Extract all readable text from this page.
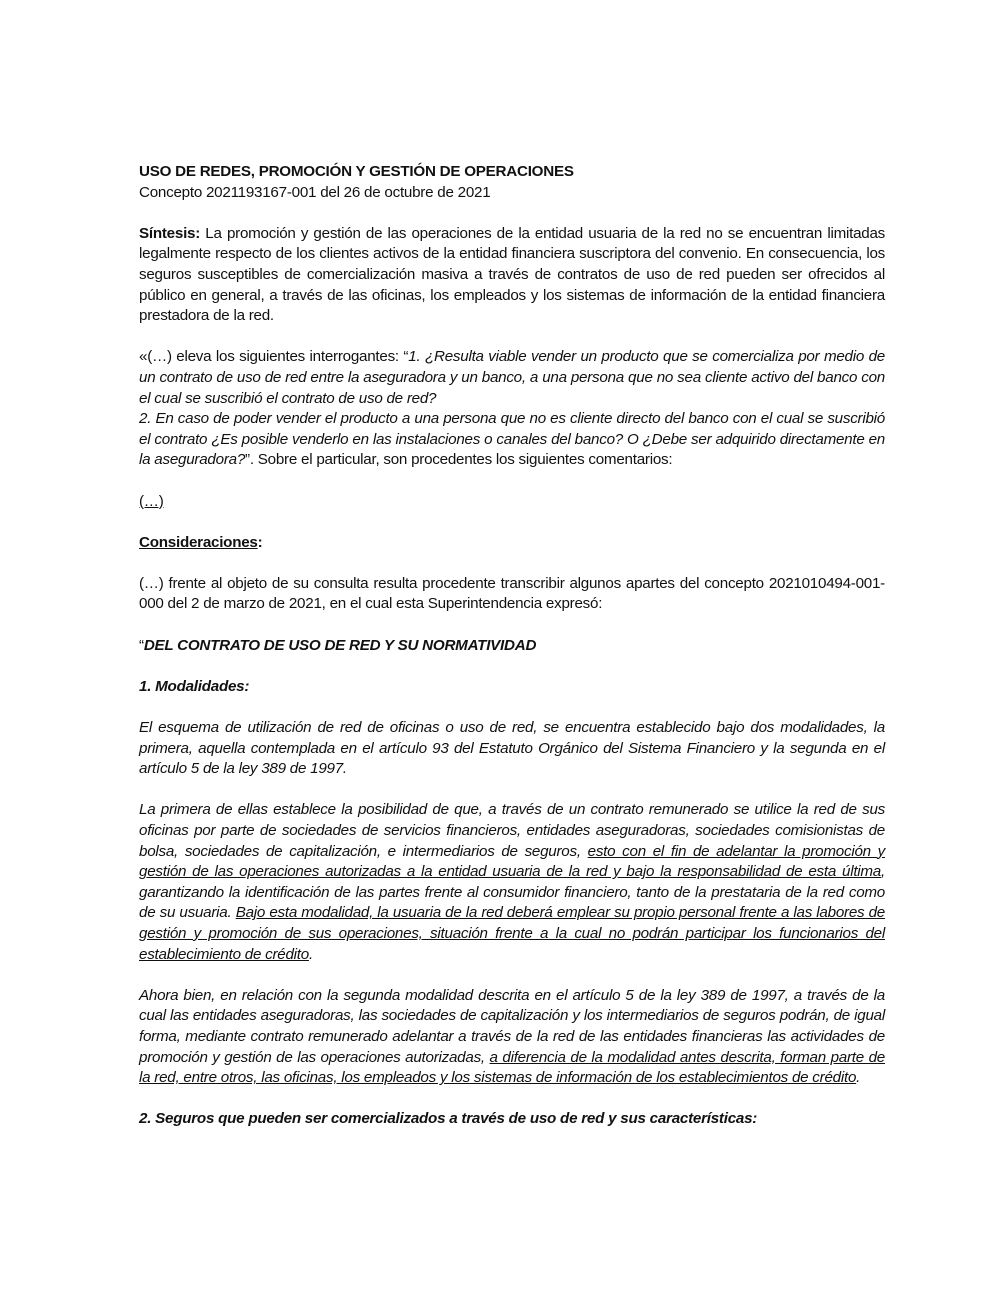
USO DE REDES, PROMOCIÓN Y GESTIÓN DE OPERACIONES

Concepto 2021193167-001 del 26 de octubre de 2021

Síntesis: La promoción y gestión de las operaciones de la entidad usuaria de la red no se encuentran limitadas legalmente respecto de los clientes activos de la entidad financiera suscriptora del convenio. En consecuencia, los seguros susceptibles de comercialización masiva a través de contratos de uso de red pueden ser ofrecidos al público en general, a través de las oficinas, los empleados y los sistemas de información de la entidad financiera prestadora de la red.

«(…) eleva los siguientes interrogantes: “1. ¿Resulta viable vender un producto que se comercializa por medio de un contrato de uso de red entre la aseguradora y un banco, a una persona que no sea cliente activo del banco con el cual se suscribió el contrato de uso de red?

2. En caso de poder vender el producto a una persona que no es cliente directo del banco con el cual se suscribió el contrato ¿Es posible venderlo en las instalaciones o canales del banco? O ¿Debe ser adquirido directamente en la aseguradora?”. Sobre el particular, son procedentes los siguientes comentarios:

(…)

Consideraciones:

(…) frente al objeto de su consulta resulta procedente transcribir algunos apartes del concepto 2021010494-001-000 del 2 de marzo de 2021, en el cual esta Superintendencia expresó:

“DEL CONTRATO DE USO DE RED Y SU NORMATIVIDAD

1. Modalidades:

El esquema de utilización de red de oficinas o uso de red, se encuentra establecido bajo dos modalidades, la primera, aquella contemplada en el artículo 93 del Estatuto Orgánico del Sistema Financiero y la segunda en el artículo 5 de la ley 389 de 1997.

La primera de ellas establece la posibilidad de que, a través de un contrato remunerado se utilice la red de sus oficinas por parte de sociedades de servicios financieros, entidades aseguradoras, sociedades comisionistas de bolsa, sociedades de capitalización, e intermediarios de seguros, esto con el fin de adelantar la promoción y gestión de las operaciones autorizadas a la entidad usuaria de la red y bajo la responsabilidad de esta última, garantizando la identificación de las partes frente al consumidor financiero, tanto de la prestataria de la red como de su usuaria. Bajo esta modalidad, la usuaria de la red deberá emplear su propio personal frente a las labores de gestión y promoción de sus operaciones, situación frente a la cual no podrán participar los funcionarios del establecimiento de crédito.

Ahora bien, en relación con la segunda modalidad descrita en el artículo 5 de la ley 389 de 1997, a través de la cual las entidades aseguradoras, las sociedades de capitalización y los intermediarios de seguros podrán, de igual forma, mediante contrato remunerado adelantar a través de la red de las entidades financieras las actividades de promoción y gestión de las operaciones autorizadas, a diferencia de la modalidad antes descrita, forman parte de la red, entre otros, las oficinas, los empleados y los sistemas de información de los establecimientos de crédito.

2. Seguros que pueden ser comercializados a través de uso de red y sus características:
